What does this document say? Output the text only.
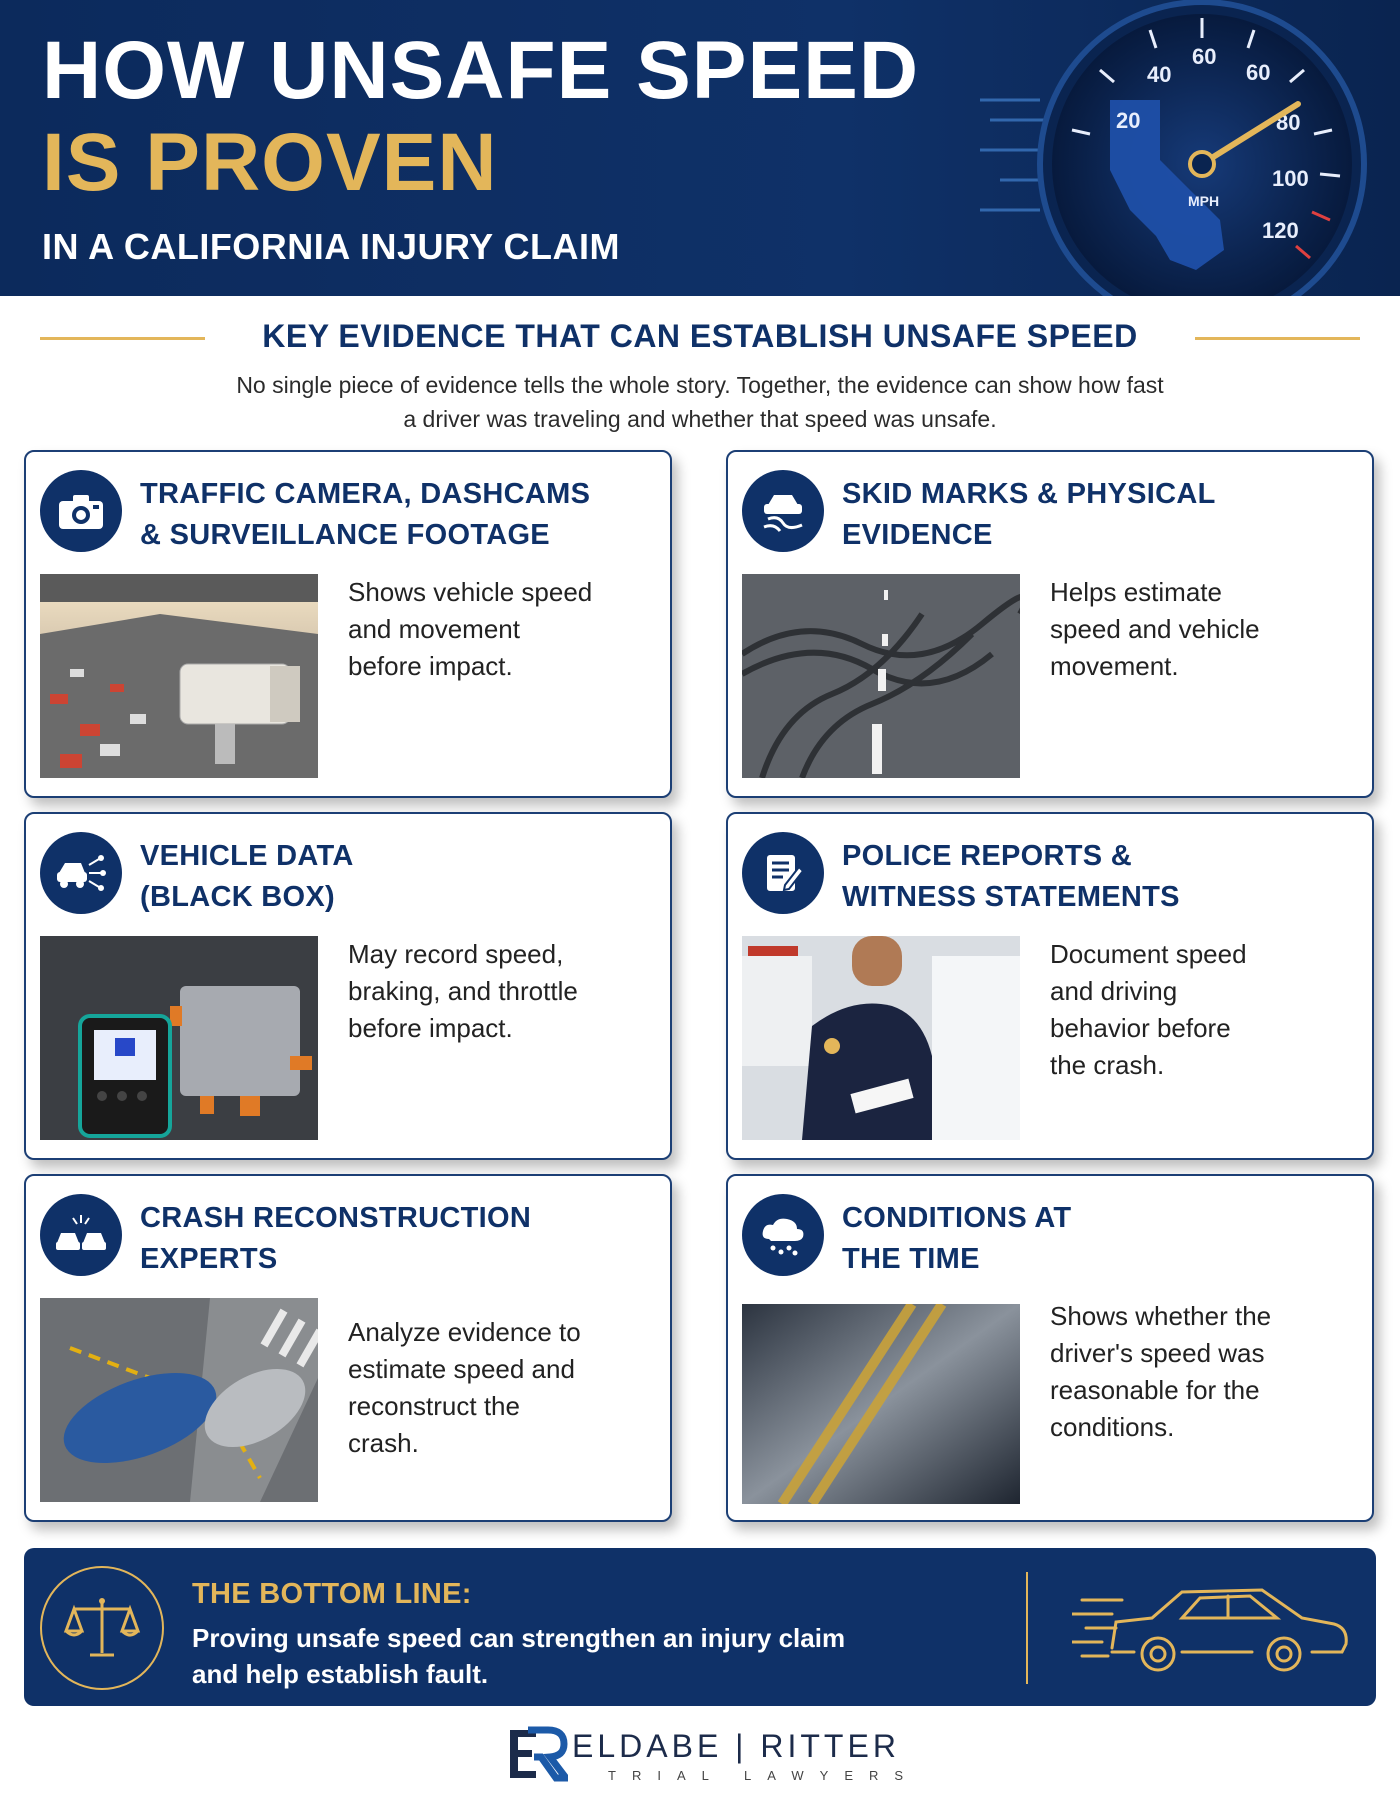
HOW UNSAFE SPEED
IS PROVEN
IN A CALIFORNIA INJURY CLAIM
20
40
60
60
80
100
120
MPH
KEY EVIDENCE THAT CAN ESTABLISH UNSAFE SPEED
No single piece of evidence tells the whole story. Together, the evidence can show how fast
a driver was traveling and whether that speed was unsafe.
TRAFFIC CAMERA, DASHCAMS
& SURVEILLANCE FOOTAGE
Shows vehicle speed
and movement
before impact.
SKID MARKS & PHYSICAL
EVIDENCE
Helps estimate
speed and vehicle
movement.
VEHICLE DATA
(BLACK BOX)
May record speed,
braking, and throttle
before impact.
POLICE REPORTS &
WITNESS STATEMENTS
Document speed
and driving
behavior before
the crash.
CRASH RECONSTRUCTION
EXPERTS
Analyze evidence to
estimate speed and
reconstruct the
crash.
CONDITIONS AT
THE TIME
Shows whether the
driver's speed was
reasonable for the
conditions.
THE BOTTOM LINE:
Proving unsafe speed can strengthen an injury claim
and help establish fault.
ELDABE | RITTER
TRIAL LAWYERS
